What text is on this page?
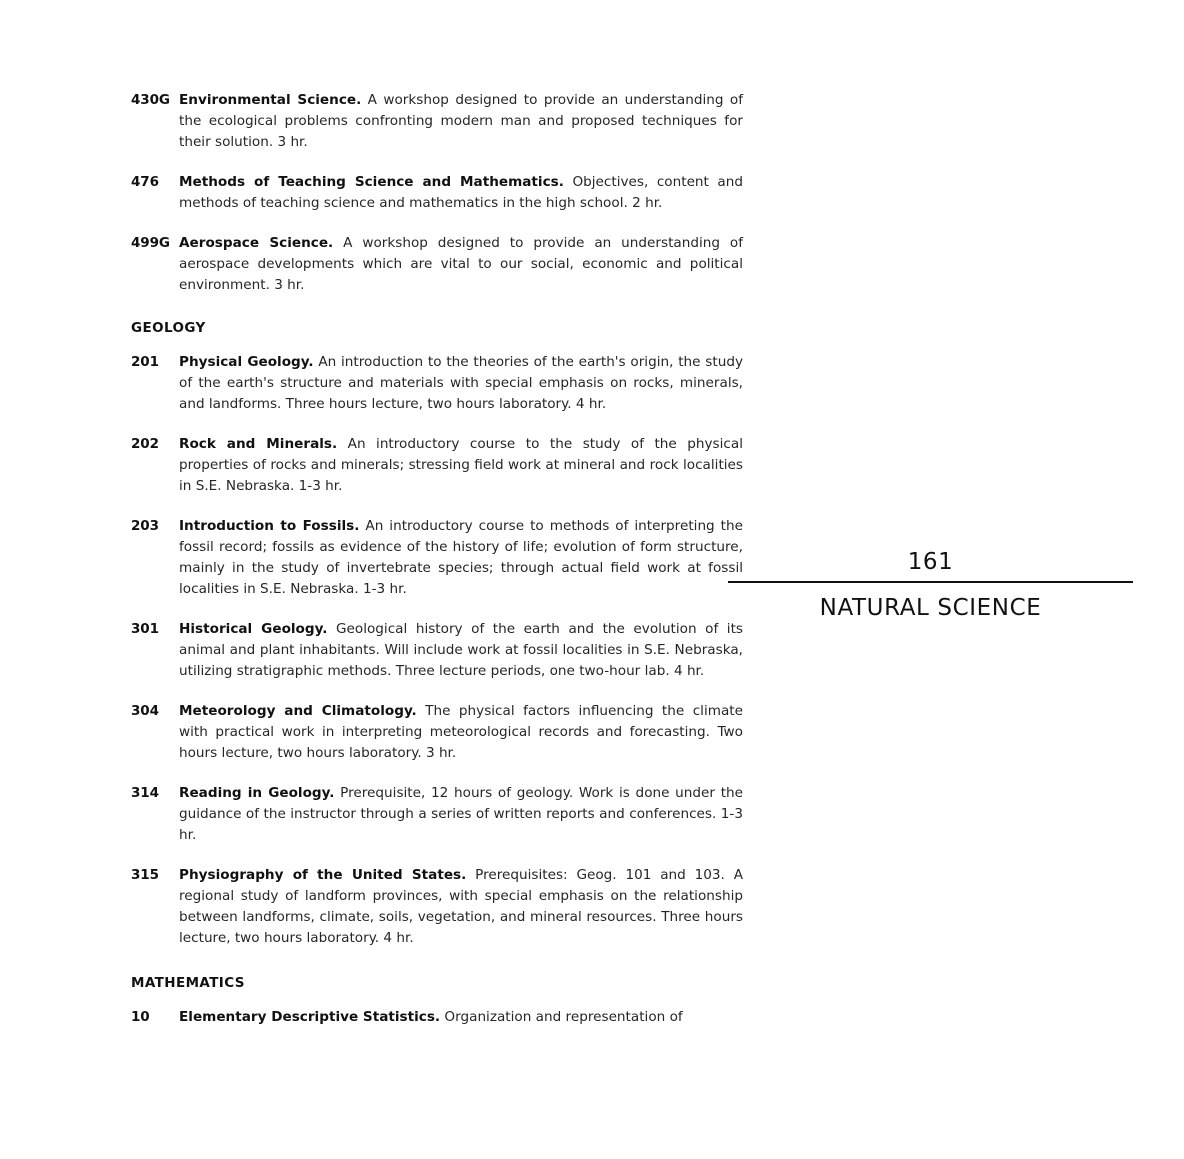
430G Environmental Science. A workshop designed to provide an understanding of the ecological problems confronting modern man and proposed techniques for their solution. 3 hr.
476	Methods of Teaching Science and Mathematics. Objectives, content and methods of teaching science and mathematics in the high school. 2 hr.
499G Aerospace Science. A workshop designed to provide an understanding of aerospace developments which are vital to our social, economic and political environment. 3 hr.
GEOLOGY
201	Physical Geology. An introduction to the theories of the earth's origin, the study of the earth's structure and materials with special emphasis on rocks, minerals, and landforms. Three hours lecture, two hours laboratory. 4 hr.
202	Rock and Minerals. An introductory course to the study of the physical properties of rocks and minerals; stressing field work at mineral and rock localities in S.E. Nebraska. 1-3 hr.
203	Introduction to Fossils. An introductory course to methods of interpreting the fossil record; fossils as evidence of the history of life; evolution of form structure, mainly in the study of invertebrate species; through actual field work at fossil localities in S.E. Nebraska. 1-3 hr.
301	Historical Geology. Geological history of the earth and the evolution of its animal and plant inhabitants. Will include work at fossil localities in S.E. Nebraska, utilizing stratigraphic methods. Three lecture periods, one two-hour lab. 4 hr.
304	Meteorology and Climatology. The physical factors influencing the climate with practical work in interpreting meteorological records and forecasting. Two hours lecture, two hours laboratory. 3 hr.
314	Reading in Geology. Prerequisite, 12 hours of geology. Work is done under the guidance of the instructor through a series of written reports and conferences. 1-3 hr.
315	Physiography of the United States. Prerequisites: Geog. 101 and 103. A regional study of landform provinces, with special emphasis on the relationship between landforms, climate, soils, vegetation, and mineral resources. Three hours lecture, two hours laboratory. 4 hr.
MATHEMATICS
10	Elementary Descriptive Statistics. Organization and representation of
161
NATURAL SCIENCE
